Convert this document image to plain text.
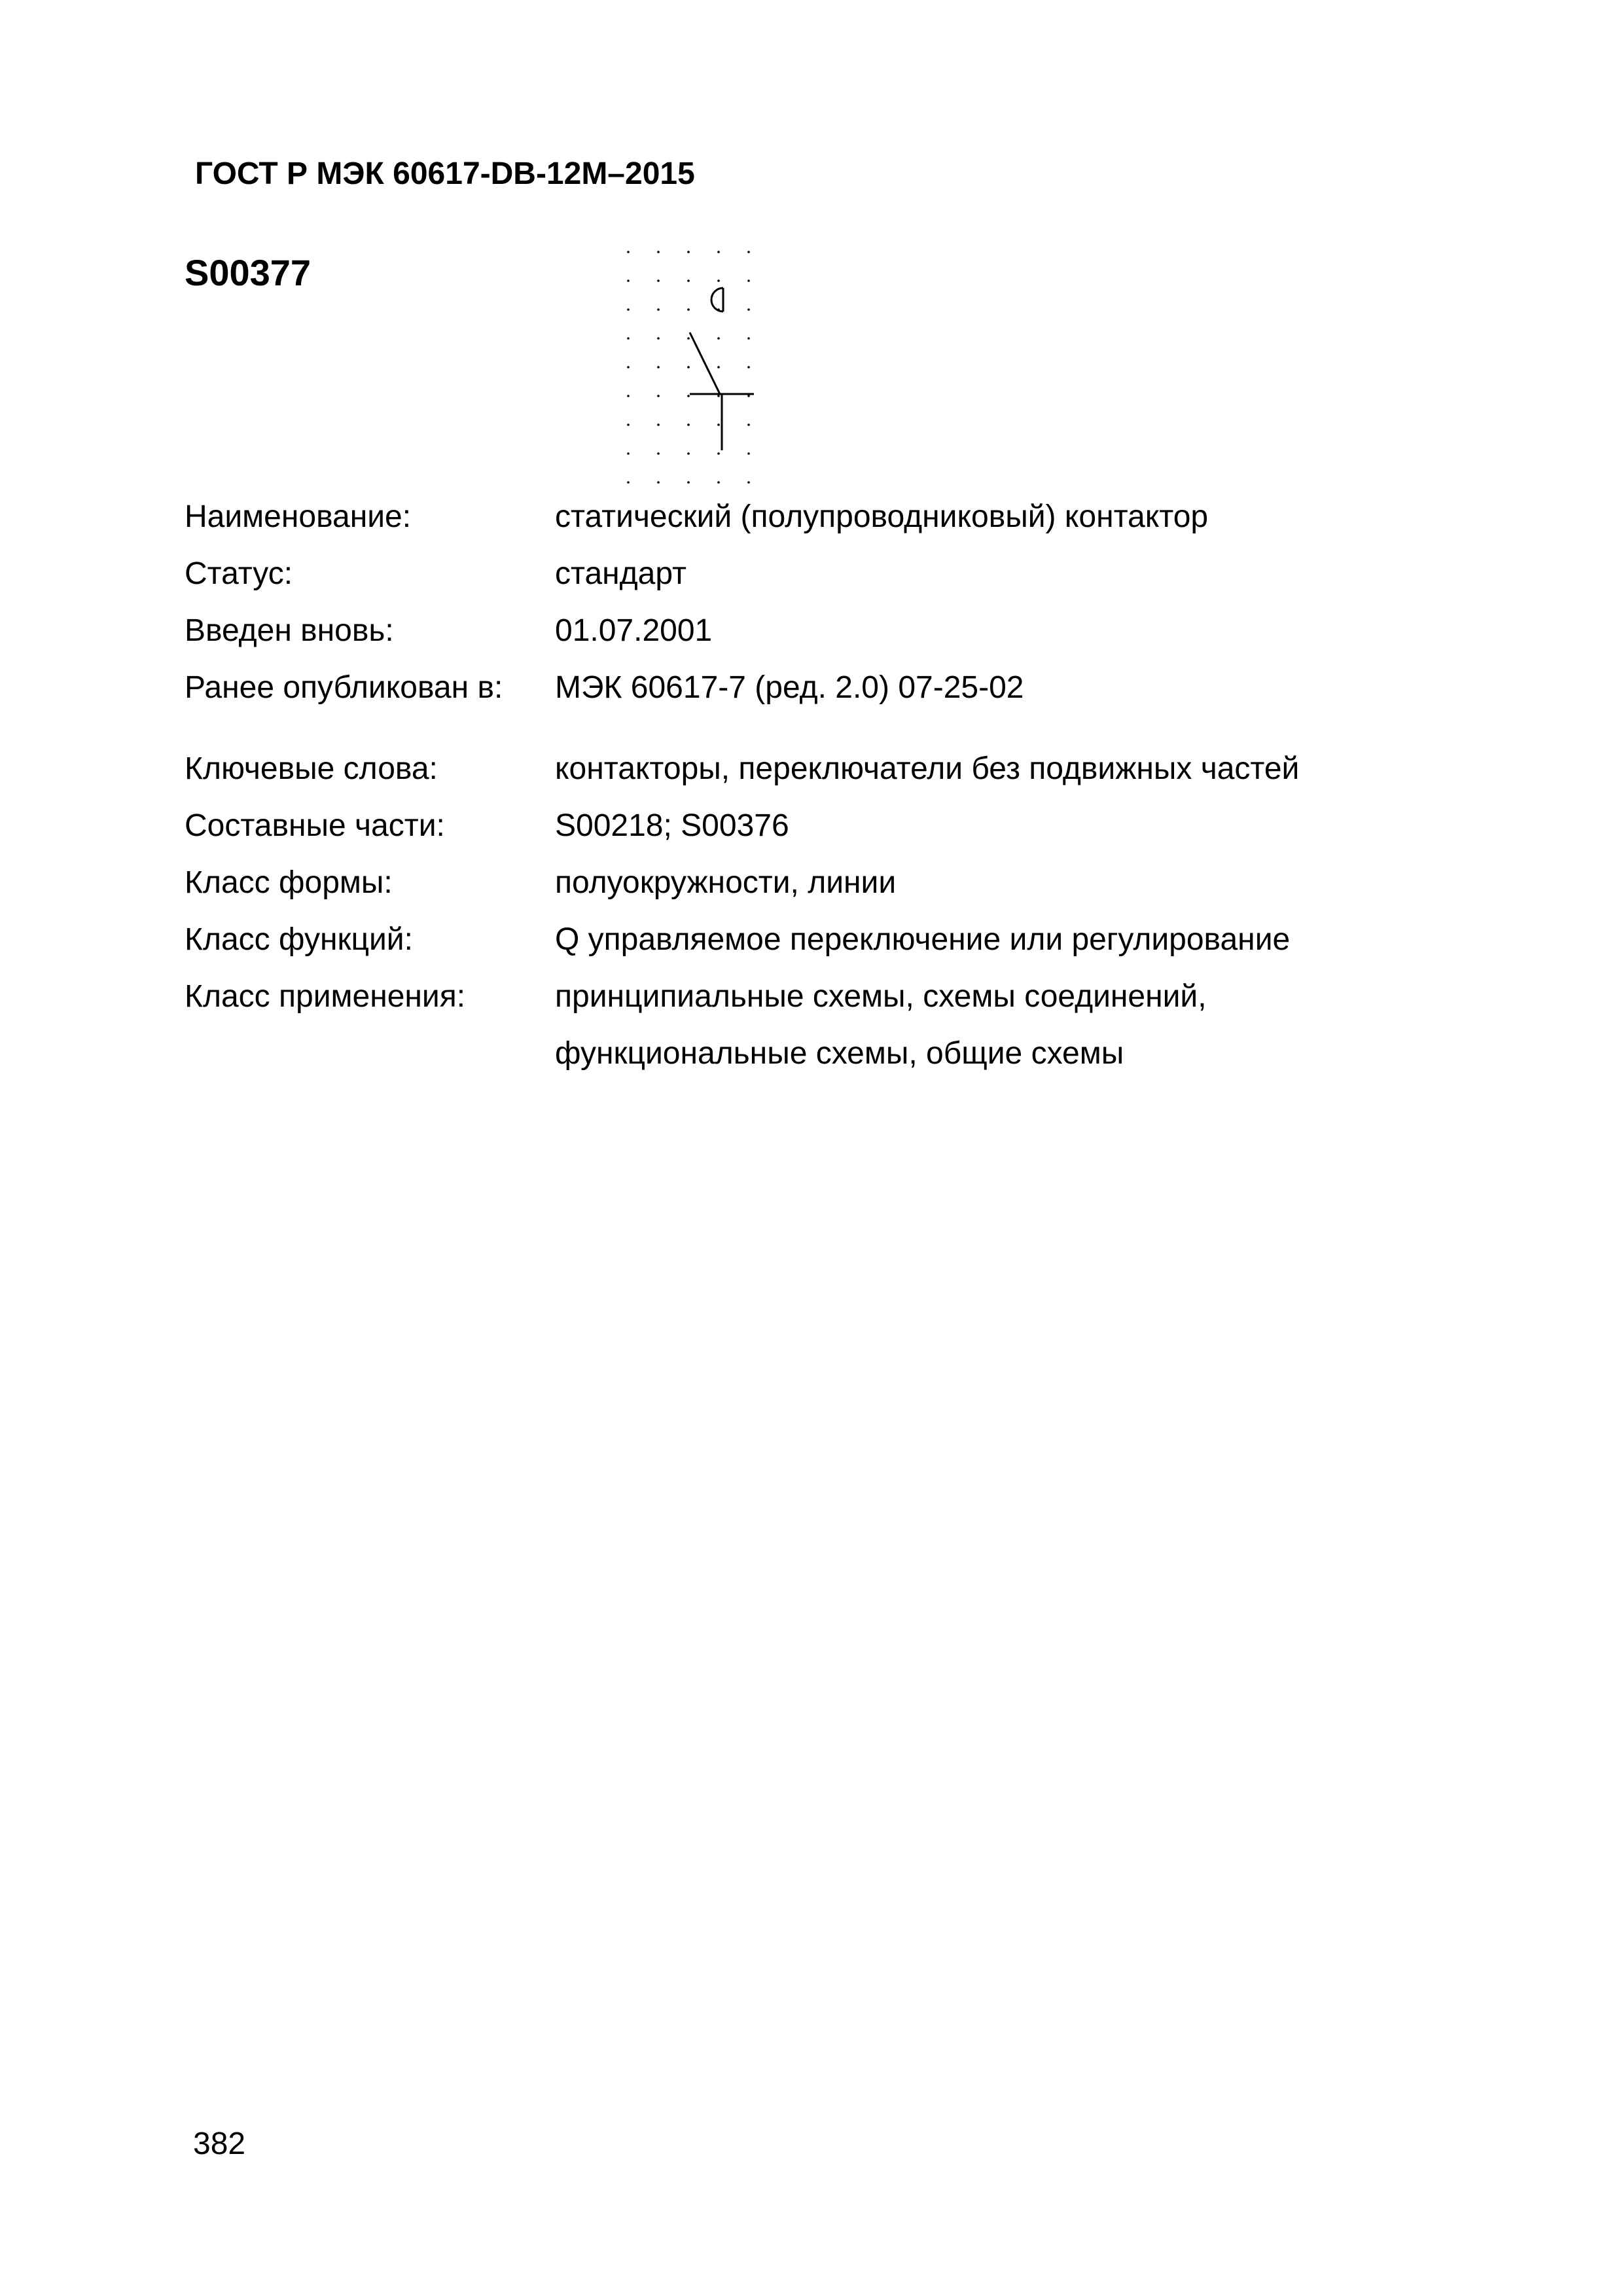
ГОСТ Р МЭК 60617-DB-12M–2015
S00377
Наименование:	статический (полупроводниковый) контактор
Статус:	стандарт
Введен вновь:	01.07.2001
Ранее опубликован в: МЭК 60617-7 (ред. 2.0) 07-25-02
Ключевые слова:	контакторы, переключатели без подвижных частей
Составные части:	S00218; S00376
Класс формы:	полуокружности, линии
Класс функций:	Q управляемое переключение или регулирование
Класс применения:	принципиальные схемы, схемы соединений,
функциональные схемы, общие схемы
382
